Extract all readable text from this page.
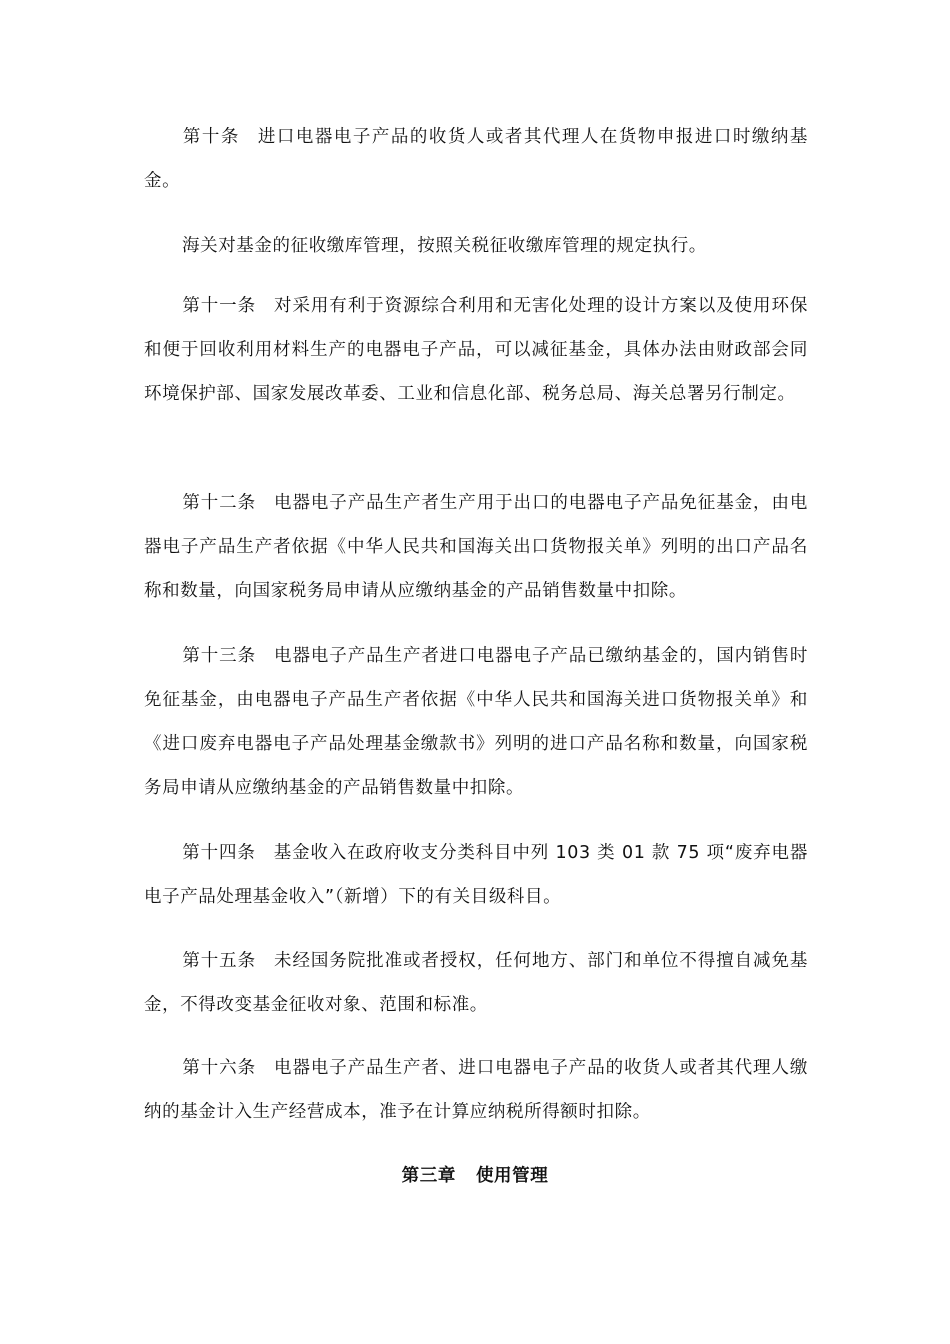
第十条 进口电器电子产品的收货人或者其代理人在货物申报进口时缴纳基金。

海关对基金的征收缴库管理，按照关税征收缴库管理的规定执行。

第十一条 对采用有利于资源综合利用和无害化处理的设计方案以及使用环保和便于回收利用材料生产的电器电子产品，可以减征基金，具体办法由财政部会同环境保护部、国家发展改革委、工业和信息化部、税务总局、海关总署另行制定。

第十二条 电器电子产品生产者生产用于出口的电器电子产品免征基金，由电器电子产品生产者依据《中华人民共和国海关出口货物报关单》列明的出口产品名称和数量，向国家税务局申请从应缴纳基金的产品销售数量中扣除。

第十三条 电器电子产品生产者进口电器电子产品已缴纳基金的，国内销售时免征基金，由电器电子产品生产者依据《中华人民共和国海关进口货物报关单》和《进口废弃电器电子产品处理基金缴款书》列明的进口产品名称和数量，向国家税务局申请从应缴纳基金的产品销售数量中扣除。

第十四条 基金收入在政府收支分类科目中列 103 类 01 款 75 项“废弃电器电子产品处理基金收入”（新增）下的有关目级科目。

第十五条 未经国务院批准或者授权，任何地方、部门和单位不得擅自减免基金，不得改变基金征收对象、范围和标准。

第十六条 电器电子产品生产者、进口电器电子产品的收货人或者其代理人缴纳的基金计入生产经营成本，准予在计算应纳税所得额时扣除。

第三章 使用管理
